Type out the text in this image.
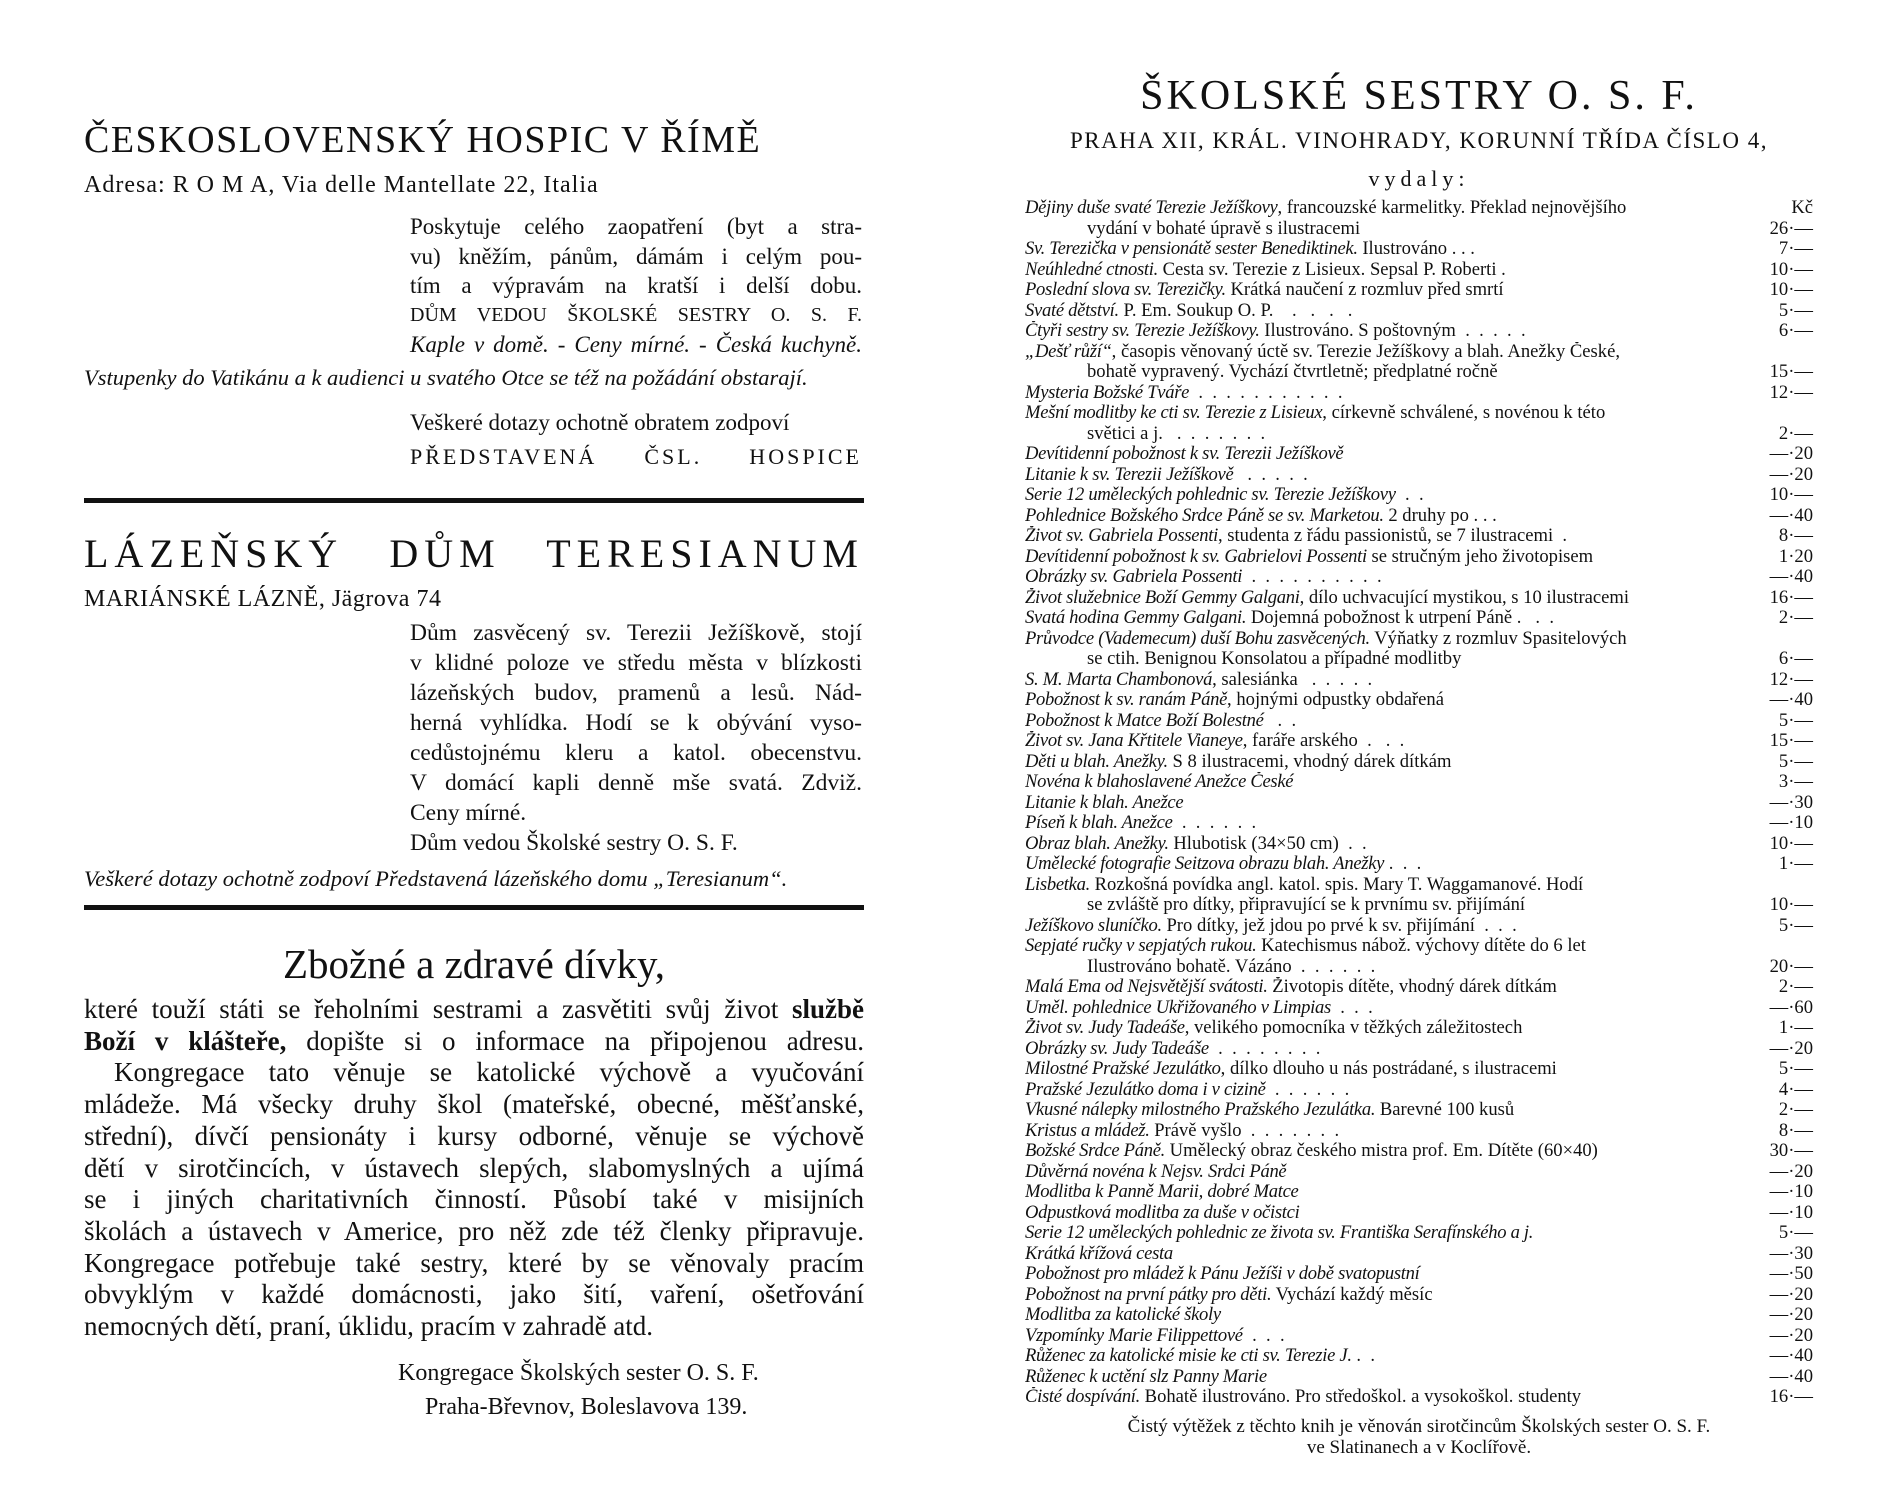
ČESKOSLOVENSKÝ HOSPIC V ŘÍMĚ
Adresa: R O M A, Via delle Mantellate 22, Italia
Poskytuje celého zaopatření (byt a stra-
vu) kněžím, pánům, dámám i celým pou-
tím a výpravám na kratší i delší dobu.
DŮM VEDOU ŠKOLSKÉ SESTRY O. S. F.
Kaple v domě. - Ceny mírné. - Česká kuchyně.
Vstupenky do Vatikánu a k audienci u svatého Otce se též na požádání obstarají.
Veškeré dotazy ochotně obratem zodpoví
PŘEDSTAVENÁ ČSL. HOSPICE
LÁZEŇSKÝ DŮM TERESIANUM
MARIÁNSKÉ LÁZNĚ, Jägrova 74
Dům zasvěcený sv. Terezii Ježíškově, stojí
v klidné poloze ve středu města v blízkosti
lázeňských budov, pramenů a lesů. Nád-
herná vyhlídka. Hodí se k obývání vyso-
cedůstojnému kleru a katol. obecenstvu.
V domácí kapli denně mše svatá. Zdviž.
Ceny mírné.
Dům vedou Školské sestry O. S. F.
Veškeré dotazy ochotně zodpoví Představená lázeňského domu „Teresianum“.
Zbožné a zdravé dívky,
které touží státi se řeholními sestrami a zasvětiti svůj život službě
Boží v klášteře, dopište si o informace na připojenou adresu.
Kongregace tato věnuje se katolické výchově a vyučování
mládeže. Má všecky druhy škol (mateřské, obecné, měšťanské,
střední), dívčí pensionáty i kursy odborné, věnuje se výchově
dětí v sirotčincích, v ústavech slepých, slabomyslných a ujímá
se i jiných charitativních činností. Působí také v misijních
školách a ústavech v Americe, pro něž zde též členky připravuje.
Kongregace potřebuje také sestry, které by se věnovaly pracím
obvyklým v každé domácnosti, jako šití, vaření, ošetřování
nemocných dětí, praní, úklidu, pracím v zahradě atd.
Kongregace Školských sester O. S. F.
Praha-Břevnov, Boleslavova 139.
ŠKOLSKÉ SESTRY O. S. F.
PRAHA XII, KRÁL. VINOHRADY, KORUNNÍ TŘÍDA ČÍSLO 4,
vydaly:
Dějiny duše svaté Terezie Ježíškovy, francouzské karmelitky. Překlad nejnovějšího	Kč
vydání v bohaté úpravě s ilustracemi	26·—
Sv. Terezička v pensionátě sester Benediktinek. Ilustrováno . . .	7·—
Neúhledné ctnosti. Cesta sv. Terezie z Lisieux. Sepsal P. Roberti .	10·—
Poslední slova sv. Terezičky. Krátká naučení z rozmluv před smrtí	10·—
Svaté dětství. P. Em. Soukup O. P.    .   .   .   .	5·—
Čtyři sestry sv. Terezie Ježíškovy. Ilustrováno. S poštovným  .  .  .  .  .	6·—
„Dešť růží“, časopis věnovaný úctě sv. Terezie Ježíškovy a blah. Anežky České,
bohatě vypravený. Vychází čtvrtletně; předplatné ročně	15·—
Mysteria Božské Tváře  .  .  .  .  .  .  .  .  .  .  .	12·—
Mešní modlitby ke cti sv. Terezie z Lisieux, církevně schválené, s novénou k této
světici a j.   .  .  .  .  .  .  .	2·—
Devítidenní pobožnost k sv. Terezii Ježíškově	—·20
Litanie k sv. Terezii Ježíškově   .  .  .  .  .	—·20
Serie 12 uměleckých pohlednic sv. Terezie Ježíškovy  .  .	10·—
Pohlednice Božského Srdce Páně se sv. Marketou. 2 druhy po . . .	—·40
Život sv. Gabriela Possenti, studenta z řádu passionistů, se 7 ilustracemi  .	8·—
Devítidenní pobožnost k sv. Gabrielovi Possenti se stručným jeho životopisem	1·20
Obrázky sv. Gabriela Possenti  .  .  .  .  .  .  .  .  .  .	—·40
Život služebnice Boží Gemmy Galgani, dílo uchvacující mystikou, s 10 ilustracemi	16·—
Svatá hodina Gemmy Galgani. Dojemná pobožnost k utrpení Páně .   .  .	2·—
Průvodce (Vademecum) duší Bohu zasvěcených. Výňatky z rozmluv Spasitelových
se ctih. Benignou Konsolatou a případné modlitby	6·—
S. M. Marta Chambonová, salesiánka   .  .  .  .  .	12·—
Pobožnost k sv. ranám Páně, hojnými odpustky obdařená	—·40
Pobožnost k Matce Boží Bolestné   .  .	5·—
Život sv. Jana Křtitele Vianeye, faráře arského  .   .  .	15·—
Děti u blah. Anežky. S 8 ilustracemi, vhodný dárek dítkám	5·—
Novéna k blahoslavené Anežce České	3·—
Litanie k blah. Anežce	—·30
Píseň k blah. Anežce  .  .  .  .  .  .	—·10
Obraz blah. Anežky. Hlubotisk (34×50 cm)  .  .	10·—
Umělecké fotografie Seitzova obrazu blah. Anežky .  .  .	1·—
Lisbetka. Rozkošná povídka angl. katol. spis. Mary T. Waggamanové. Hodí
se zvláště pro dítky, připravující se k prvnímu sv. přijímání	10·—
Ježíškovo sluníčko. Pro dítky, jež jdou po prvé k sv. přijímání  .  .  .	5·—
Sepjaté ručky v sepjatých rukou. Katechismus nábož. výchovy dítěte do 6 let
Ilustrováno bohatě. Vázáno  .  .  .  .  .  .	20·—
Malá Ema od Nejsvětější svátosti. Životopis dítěte, vhodný dárek dítkám	2·—
Uměl. pohlednice Ukřižovaného v Limpias  .  .  .	—·60
Život sv. Judy Tadeáše, velikého pomocníka v těžkých záležitostech	1·—
Obrázky sv. Judy Tadeáše  .  .  .  .  .  .  .  .	—·20
Milostné Pražské Jezulátko, dílko dlouho u nás postrádané, s ilustracemi	5·—
Pražské Jezulátko doma i v cizině  .  .  .  .  .  .	4·—
Vkusné nálepky milostného Pražského Jezulátka. Barevné 100 kusů	2·—
Kristus a mládež. Právě vyšlo  .  .  .  .  .  .  .	8·—
Božské Srdce Páně. Umělecký obraz českého mistra prof. Em. Dítěte (60×40)	30·—
Důvěrná novéna k Nejsv. Srdci Páně	—·20
Modlitba k Panně Marii, dobré Matce	—·10
Odpustková modlitba za duše v očistci	—·10
Serie 12 uměleckých pohlednic ze života sv. Františka Serafínského a j.	5·—
Krátká křížová cesta	—·30
Pobožnost pro mládež k Pánu Ježíši v době svatopustní	—·50
Pobožnost na první pátky pro děti. Vychází každý měsíc	—·20
Modlitba za katolické školy	—·20
Vzpomínky Marie Filippettové  .  .  .	—·20
Růženec za katolické misie ke cti sv. Terezie J. .  .	—·40
Růženec k uctění slz Panny Marie	—·40
Čisté dospívání. Bohatě ilustrováno. Pro středoškol. a vysokoškol. studenty	16·—
Čistý výtěžek z těchto knih je věnován sirotčincům Školských sester O. S. F.
ve Slatinanech a v Koclířově.
